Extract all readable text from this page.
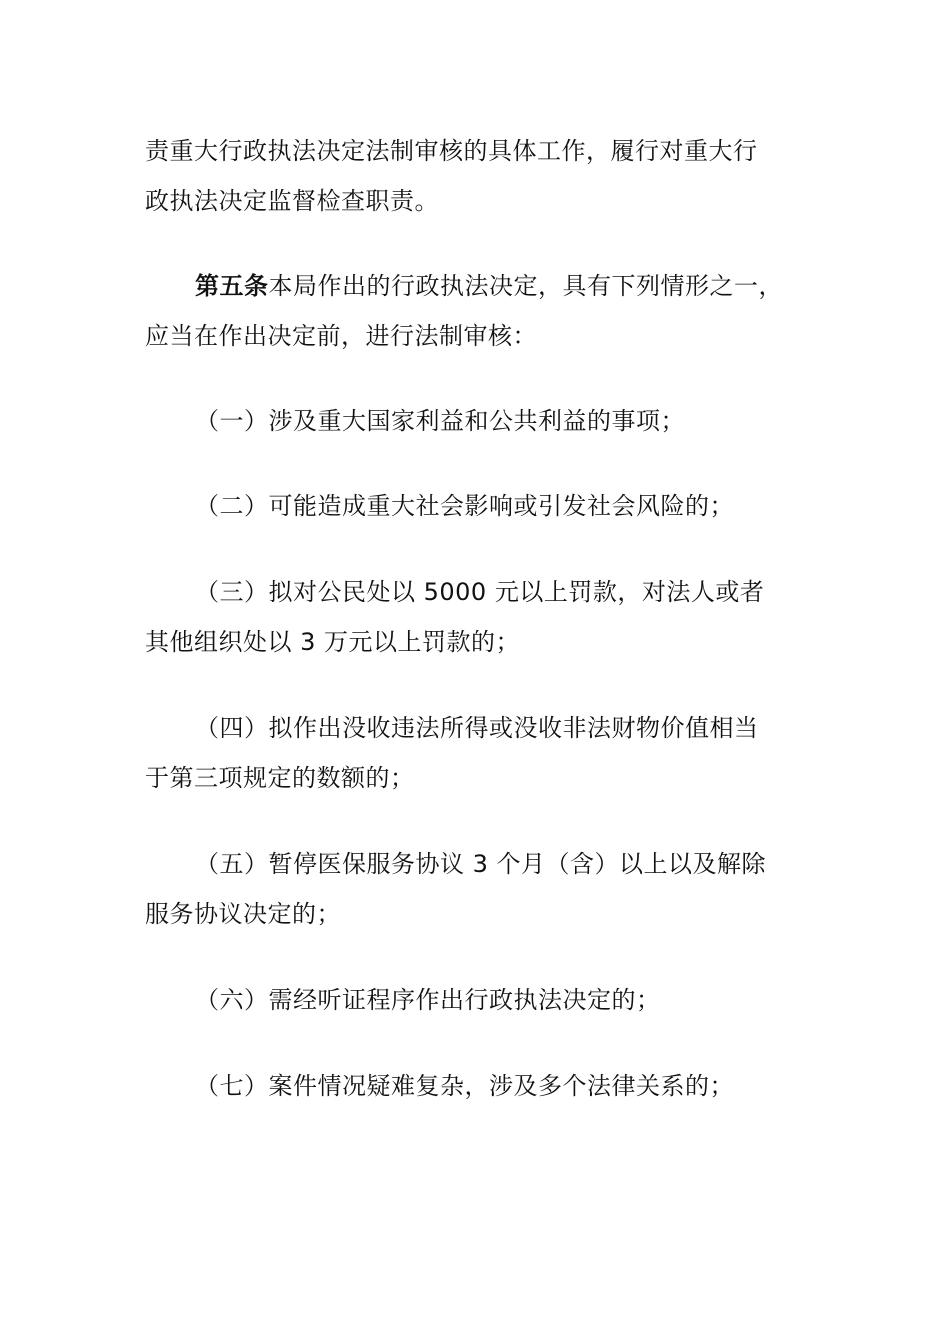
责重大行政执法决定法制审核的具体工作，履行对重大行
政执法决定监督检查职责。
第五条本局作出的行政执法决定，具有下列情形之一，
应当在作出决定前，进行法制审核：
（一）涉及重大国家利益和公共利益的事项；
（二）可能造成重大社会影响或引发社会风险的；
（三）拟对公民处以 5000 元以上罚款，对法人或者
其他组织处以 3 万元以上罚款的；
（四）拟作出没收违法所得或没收非法财物价值相当
于第三项规定的数额的；
（五）暂停医保服务协议 3 个月（含）以上以及解除
服务协议决定的；
（六）需经听证程序作出行政执法决定的；
（七）案件情况疑难复杂，涉及多个法律关系的；
